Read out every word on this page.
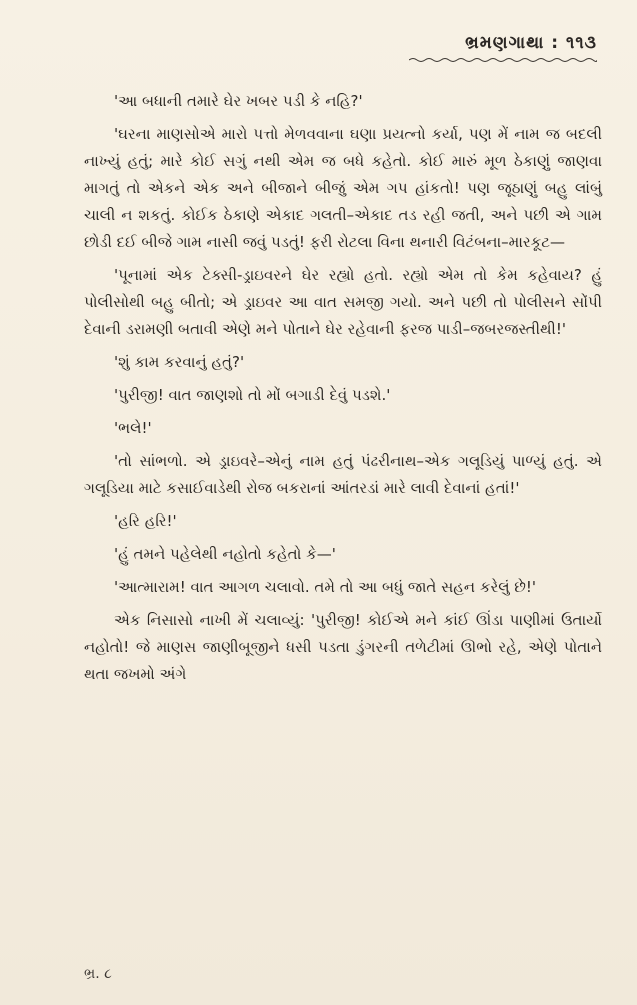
ભ્રમણગાથા : ૧૧૩

'આ બધાની તમારે ઘેર ખબર પડી કે નહિ?'

'ઘરના માણસોએ મારો પત્તો મેળવવાના ઘણા પ્રયત્નો કર્યા, પણ મેં નામ જ બદલી નાખ્યું હતું; મારે કોઈ સગું નથી એમ જ બધે કહેતો. કોઈ મારું મૂળ ઠેકાણું જાણવા માગતું તો એકને એક અને બીજાને બીજું એમ ગપ હાંકતો! પણ જૂઠાણું બહુ લાંબું ચાલી ન શકતું. કોઈક ઠેકાણે એકાદ ગલતી–એકાદ તડ રહી જતી, અને પછી એ ગામ છોડી દઈ બીજે ગામ નાસી જવું પડતું! ફરી રોટલા વિના થનારી વિટંબના–મારકૂટ—

'પૂનામાં એક ટેક્સી-ડ્રાઇવરને ઘેર રહ્યો હતો. રહ્યો એમ તો કેમ કહેવાય? હું પોલીસોથી બહુ બીતો; એ ડ્રાઇવર આ વાત સમજી ગયો. અને પછી તો પોલીસને સોંપી દેવાની ડરામણી બતાવી એણે મને પોતાને ઘેર રહેવાની ફરજ પાડી–જબરજસ્તીથી!'

'શું કામ કરવાનું હતું?'

'પુરીજી! વાત જાણશો તો મોં બગાડી દેવું પડશે.'

'ભલે!'

'તો સાંભળો. એ ડ્રાઇવરે–એનું નામ હતું પંઢરીનાથ–એક ગલૂડિયું પાળ્યું હતું. એ ગલૂડિયા માટે કસાઈવાડેથી રોજ બકરાનાં આંતરડાં મારે લાવી દેવાનાં હતાં!'

'હરિ હરિ!'

'હું તમને પહેલેથી નહોતો કહેતો કે—'

'આત્મારામ! વાત આગળ ચલાવો. તમે તો આ બધું જાતે સહન કરેલું છે!'

એક નિસાસો નાખી મેં ચલાવ્યું: 'પુરીજી! કોઈએ મને કાંઈ ઊંડા પાણીમાં ઉતાર્યો નહોતો! જે માણસ જાણીબૂજીને ધસી પડતા ડુંગરની તળેટીમાં ઊભો રહે, એણે પોતાને થતા જખમો અંગે

ભ્ર. ૮
